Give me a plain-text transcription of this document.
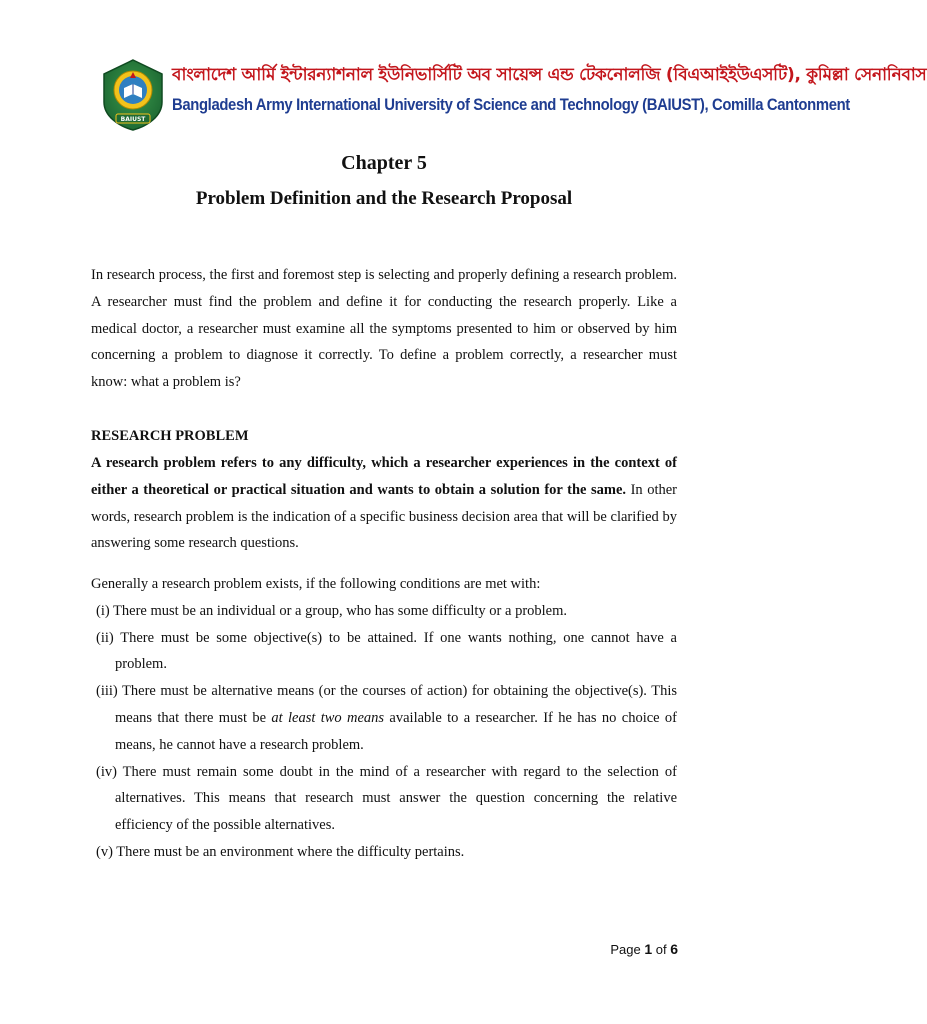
BAIUST
বাংলাদেশ আর্মি ইন্টারন্যাশনাল ইউনিভার্সিটি অব সায়েন্স এন্ড টেকনোলজি (বিএআইইউএসটি), কুমিল্লা সেনানিবাস
Bangladesh Army International University of Science and Technology (BAIUST), Comilla Cantonment
Chapter 5
Problem Definition and the Research Proposal
In research process, the first and foremost step is selecting and properly defining a research problem. A researcher must find the problem and define it for conducting the research properly. Like a medical doctor, a researcher must examine all the symptoms presented to him or observed by him concerning a problem to diagnose it correctly. To define a problem correctly, a researcher must know: what a problem is?
RESEARCH PROBLEM
A research problem refers to any difficulty, which a researcher experiences in the context of either a theoretical or practical situation and wants to obtain a solution for the same. In other words, research problem is the indication of a specific business decision area that will be clarified by answering some research questions.

Generally a research problem exists, if the following conditions are met with:

(i) There must be an individual or a group, who has some difficulty or a problem.
(ii) There must be some objective(s) to be attained. If one wants nothing, one cannot have a problem.
(iii) There must be alternative means (or the courses of action) for obtaining the objective(s). This means that there must be at least two means available to a researcher. If he has no choice of means, he cannot have a research problem.
(iv) There must remain some doubt in the mind of a researcher with regard to the selection of alternatives. This means that research must answer the question concerning the relative efficiency of the possible alternatives.
(v) There must be an environment where the difficulty pertains.
Page 1 of 6
